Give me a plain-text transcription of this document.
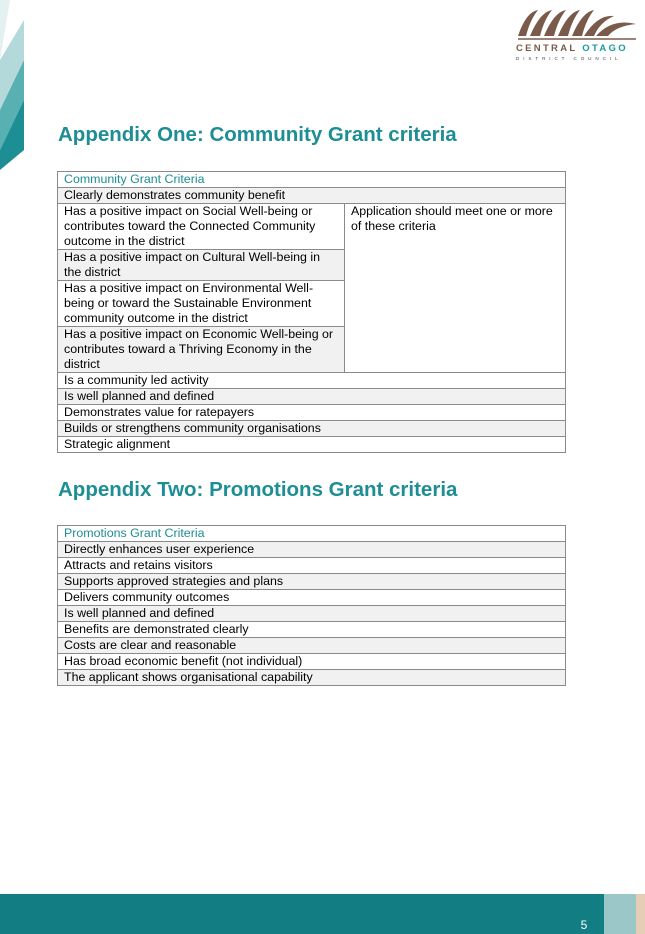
CENTRAL OTAGO
DISTRICT COUNCIL
Appendix One: Community Grant criteria
Community Grant Criteria
Clearly demonstrates community benefit
Has a positive impact on Social Well-being or contributes toward the Connected Community outcome in the district	Application should meet one or more of these criteria
Has a positive impact on Cultural Well-being in the district
Has a positive impact on Environmental Well-being or toward the Sustainable Environment community outcome in the district
Has a positive impact on Economic Well-being or contributes toward a Thriving Economy in the district
Is a community led activity
Is well planned and defined
Demonstrates value for ratepayers
Builds or strengthens community organisations
Strategic alignment
Appendix Two: Promotions Grant criteria
Promotions Grant Criteria
Directly enhances user experience
Attracts and retains visitors
Supports approved strategies and plans
Delivers community outcomes
Is well planned and defined
Benefits are demonstrated clearly
Costs are clear and reasonable
Has broad economic benefit (not individual)
The applicant shows organisational capability
5
